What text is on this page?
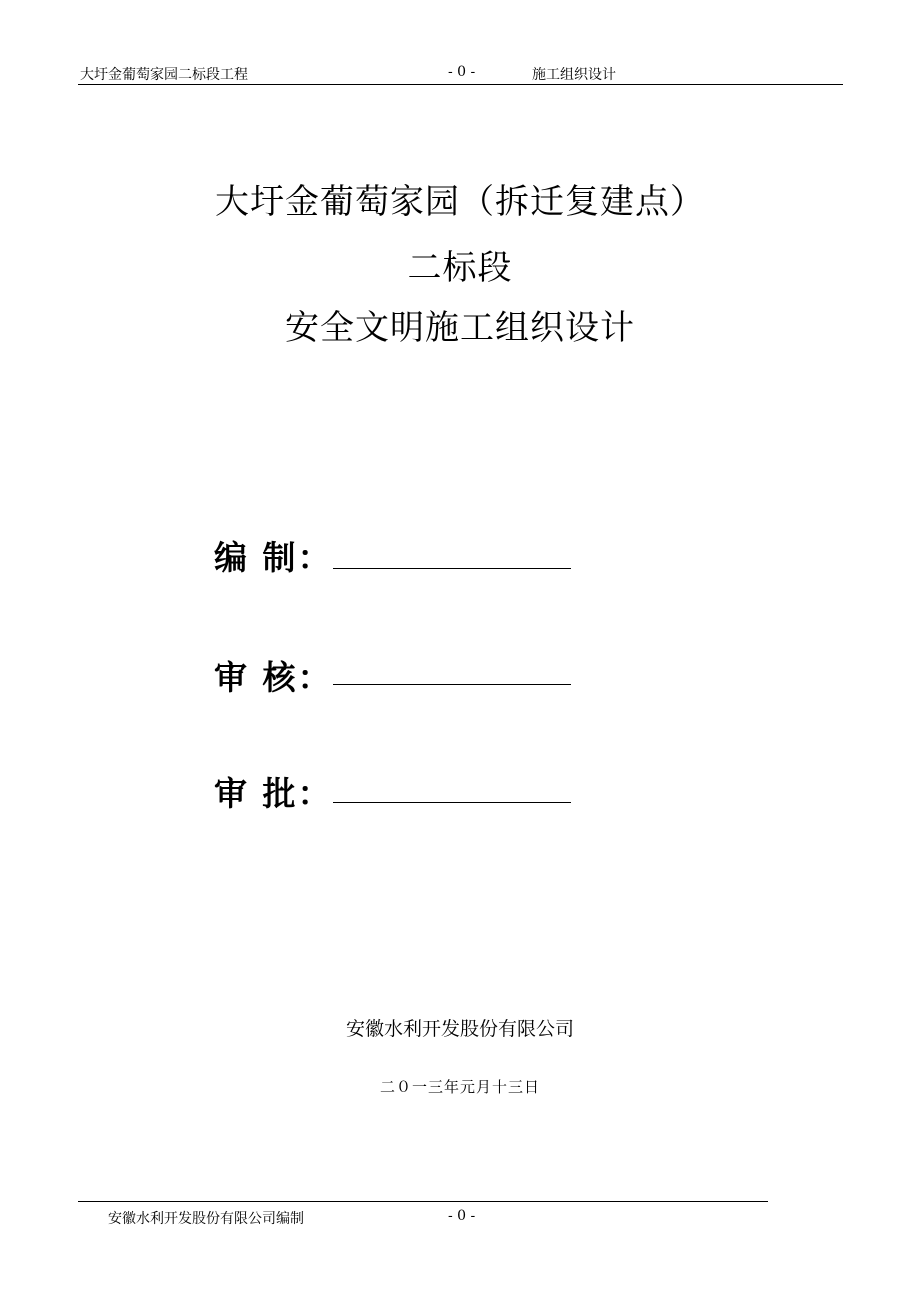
大圩金葡萄家园二标段工程	- 0 -	施工组织设计
大圩金葡萄家园（拆迁复建点）
二标段
安全文明施工组织设计
编 制：
审 核：
审 批：
安徽水利开发股份有限公司
二０一三年元月十三日
安徽水利开发股份有限公司编制	- 0 -
